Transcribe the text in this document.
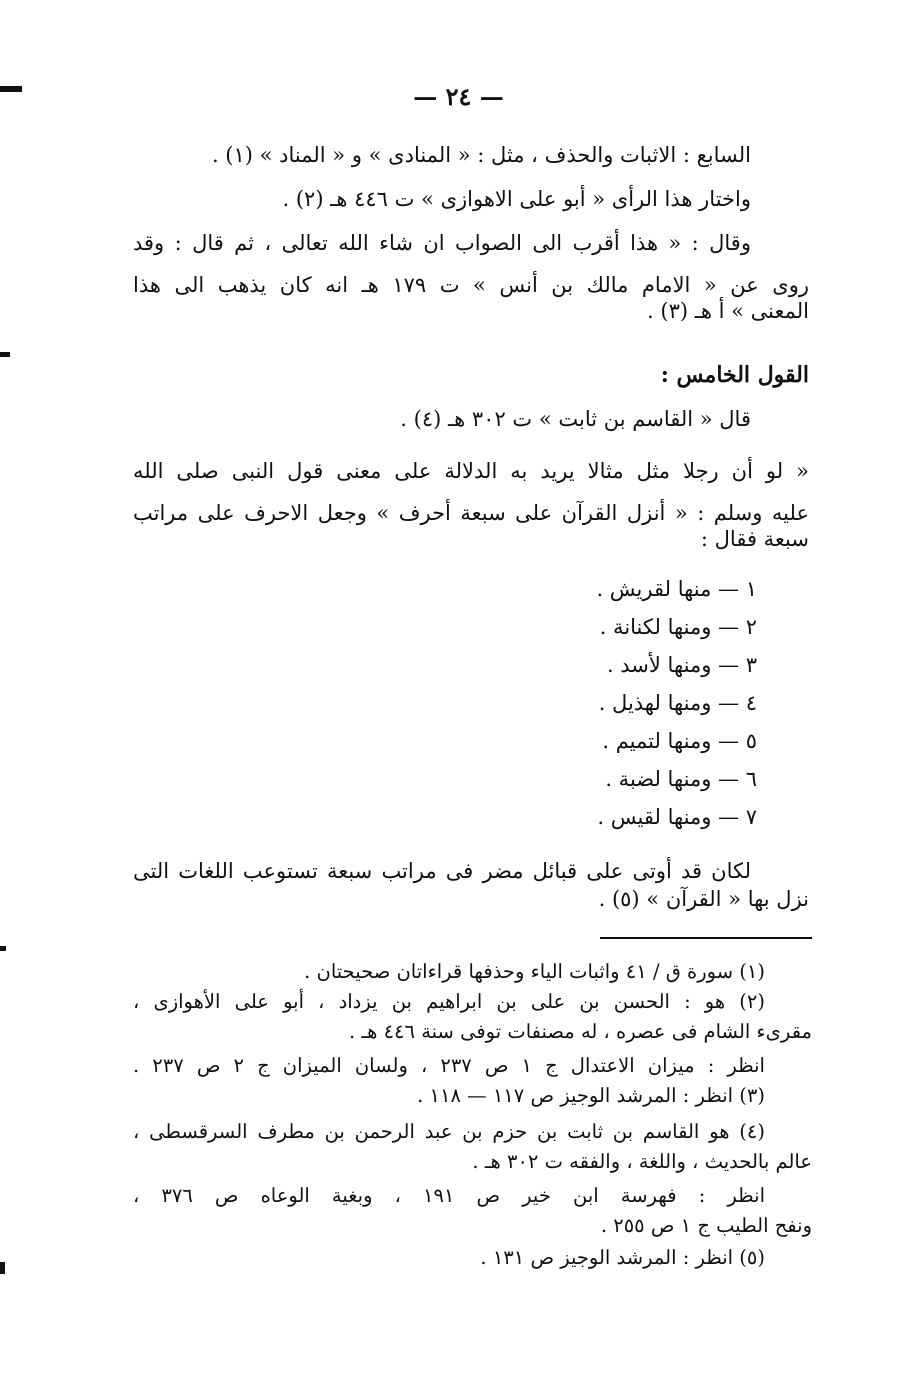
— ٢٤ —
السابع : الاثبات والحذف ، مثل : « المنادى » و « المناد » (١) .
واختار هذا الرأى « أبو على الاهوازى » ت ٤٤٦ هـ (٢) .
وقال : « هذا أقرب الى الصواب ان شاء الله تعالى ، ثم قال : وقد
روى عن « الامام مالك بن أنس » ت ١٧٩ هـ انه كان يذهب الى هذا
المعنى » أ هـ (٣) .
القول الخامس :
قال « القاسم بن ثابت » ت ٣٠٢ هـ (٤) .
« لو أن رجلا مثل مثالا يريد به الدلالة على معنى قول النبى صلى الله
عليه وسلم : « أنزل القرآن على سبعة أحرف » وجعل الاحرف على مراتب
سبعة فقال :
١ — منها لقريش .
٢ — ومنها لكنانة .
٣ — ومنها لأسد .
٤ — ومنها لهذيل .
٥ — ومنها لتميم .
٦ — ومنها لضبة .
٧ — ومنها لقيس .
لكان قد أوتى على قبائل مضر فى مراتب سبعة تستوعب اللغات التى
نزل بها « القرآن » (٥) .
(١) سورة ق / ٤١ واثبات الياء وحذفها قراءاتان صحيحتان .
(٢) هو : الحسن بن على بن ابراهيم بن يزداد ، أبو على الأهوازى ،
مقرىء الشام فى عصره ، له مصنفات توفى سنة ٤٤٦ هـ .
انظر : ميزان الاعتدال ج ١ ص ٢٣٧ ، ولسان الميزان ج ٢ ص ٢٣٧ .
(٣) انظر : المرشد الوجيز ص ١١٧ — ١١٨ .
(٤) هو القاسم بن ثابت بن حزم بن عبد الرحمن بن مطرف السرقسطى ،
عالم بالحديث ، واللغة ، والفقه ت ٣٠٢ هـ .
انظر : فهرسة ابن خير ص ١٩١ ، وبغية الوعاه ص ٣٧٦ ،
ونفح الطيب ج ١ ص ٢٥٥ .
(٥) انظر : المرشد الوجيز ص ١٣١ .
